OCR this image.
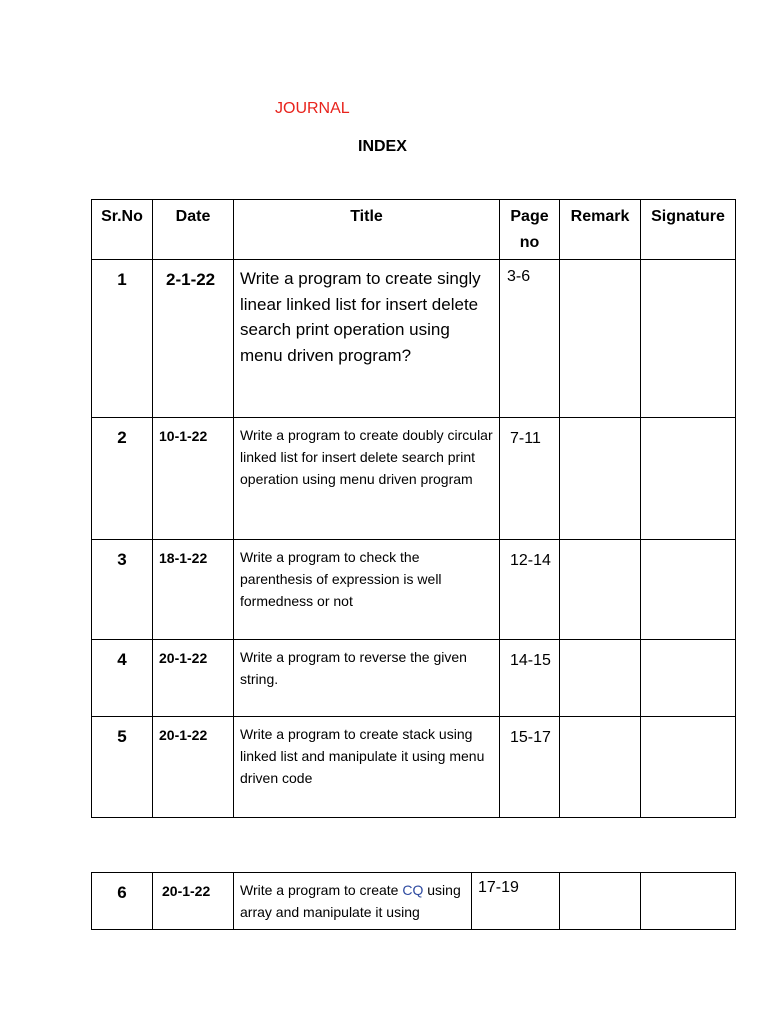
JOURNAL
INDEX
Sr.No	Date	Title	Page no	Remark	Signature
1	2-1-22	Write a program to create singly linear linked list for insert delete search print operation using menu driven program?	3-6		
2	10-1-22	Write a program to create doubly circular linked list for insert delete search print operation using menu driven program	7-11		
3	18-1-22	Write a program to check the parenthesis of expression is well formedness or not	12-14		
4	20-1-22	Write a program to reverse the given string.	14-15		
5	20-1-22	Write a program to create stack using linked list and manipulate it using menu driven code	15-17		
6	20-1-22	Write a program to create CQ using array and manipulate it using	17-19		
